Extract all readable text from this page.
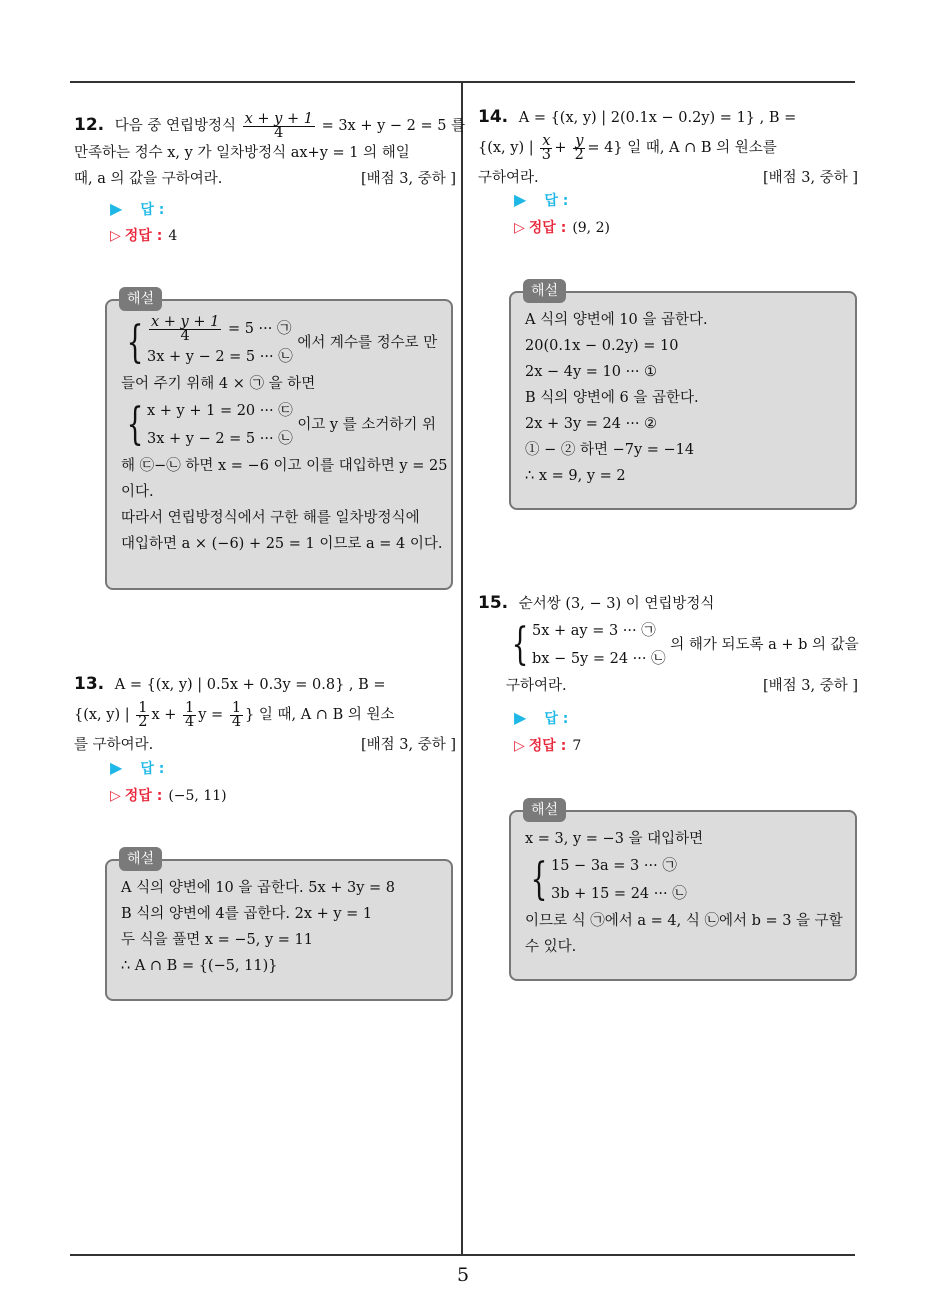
5
12. 다음 중 연립방정식 $\frac{x + y + 1}{4} = 3x + y - 2 = 5$ 를
만족하는 정수 x, y 가 일차방정식 ax+y = 1 의 해일
때, a 의 값을 구하여라.	[배점 3, 중하 ]
▶ 답 :
▷ 정답 : 4
해설
{ $\frac{x + y + 1}{4} = 5$ ··· ㉠
3x + y − 2 = 5 ··· ㉡
에서 계수를 정수로 만
들어 주기 위해 4 × ㉠ 을 하면
{ x + y + 1 = 20 ··· ㉢
3x + y − 2 = 5 ··· ㉡
이고 y 를 소거하기 위
해 ㉢−㉡ 하면 x = −6 이고 이를 대입하면 y = 25
이다.
따라서 연립방정식에서 구한 해를 일차방정식에
대입하면 a × (−6) + 25 = 1 이므로 a = 4 이다.
13. A = {(x, y) | 0.5x + 0.3y = 0.8} , B =
{(x, y) | $\frac{1}{2}$ $x + \frac{1}{4}$ $y = \frac{1}{4}$ } 일 때, A ∩ B 의 원소
를 구하여라.	[배점 3, 중하 ]
▶ 답 :
▷ 정답 : (−5, 11)
해설
A 식의 양변에 10 을 곱한다. 5x + 3y = 8
B 식의 양변에 4를 곱한다. 2x + y = 1
두 식을 풀면 x = −5, y = 11
∴ A ∩ B = {(−5, 11)}
14. A = {(x, y) | 2(0.1x − 0.2y) = 1} , B =
{(x, y) | $\frac{x}{3} + \frac{y}{2} = 4$} 일 때, A ∩ B 의 원소를
구하여라.	[배점 3, 중하 ]
▶ 답 :
▷ 정답 : (9, 2)
해설
A 식의 양변에 10 을 곱한다.
20(0.1x − 0.2y) = 10
2x − 4y = 10 ··· ①
B 식의 양변에 6 을 곱한다.
2x + 3y = 24 ··· ②
① − ② 하면 −7y = −14
∴ x = 9, y = 2
15. 순서쌍 (3, − 3) 이 연립방정식
{ 5x + ay = 3 ··· ㉠
bx − 5y = 24 ··· ㉡
의 해가 되도록 a + b 의 값을
구하여라.	[배점 3, 중하 ]
▶ 답 :
▷ 정답 : 7
해설
x = 3, y = −3 을 대입하면
{ 15 − 3a = 3 ··· ㉠
3b + 15 = 24 ··· ㉡
이므로 식 ㉠에서 a = 4, 식 ㉡에서 b = 3 을 구할
수 있다.
